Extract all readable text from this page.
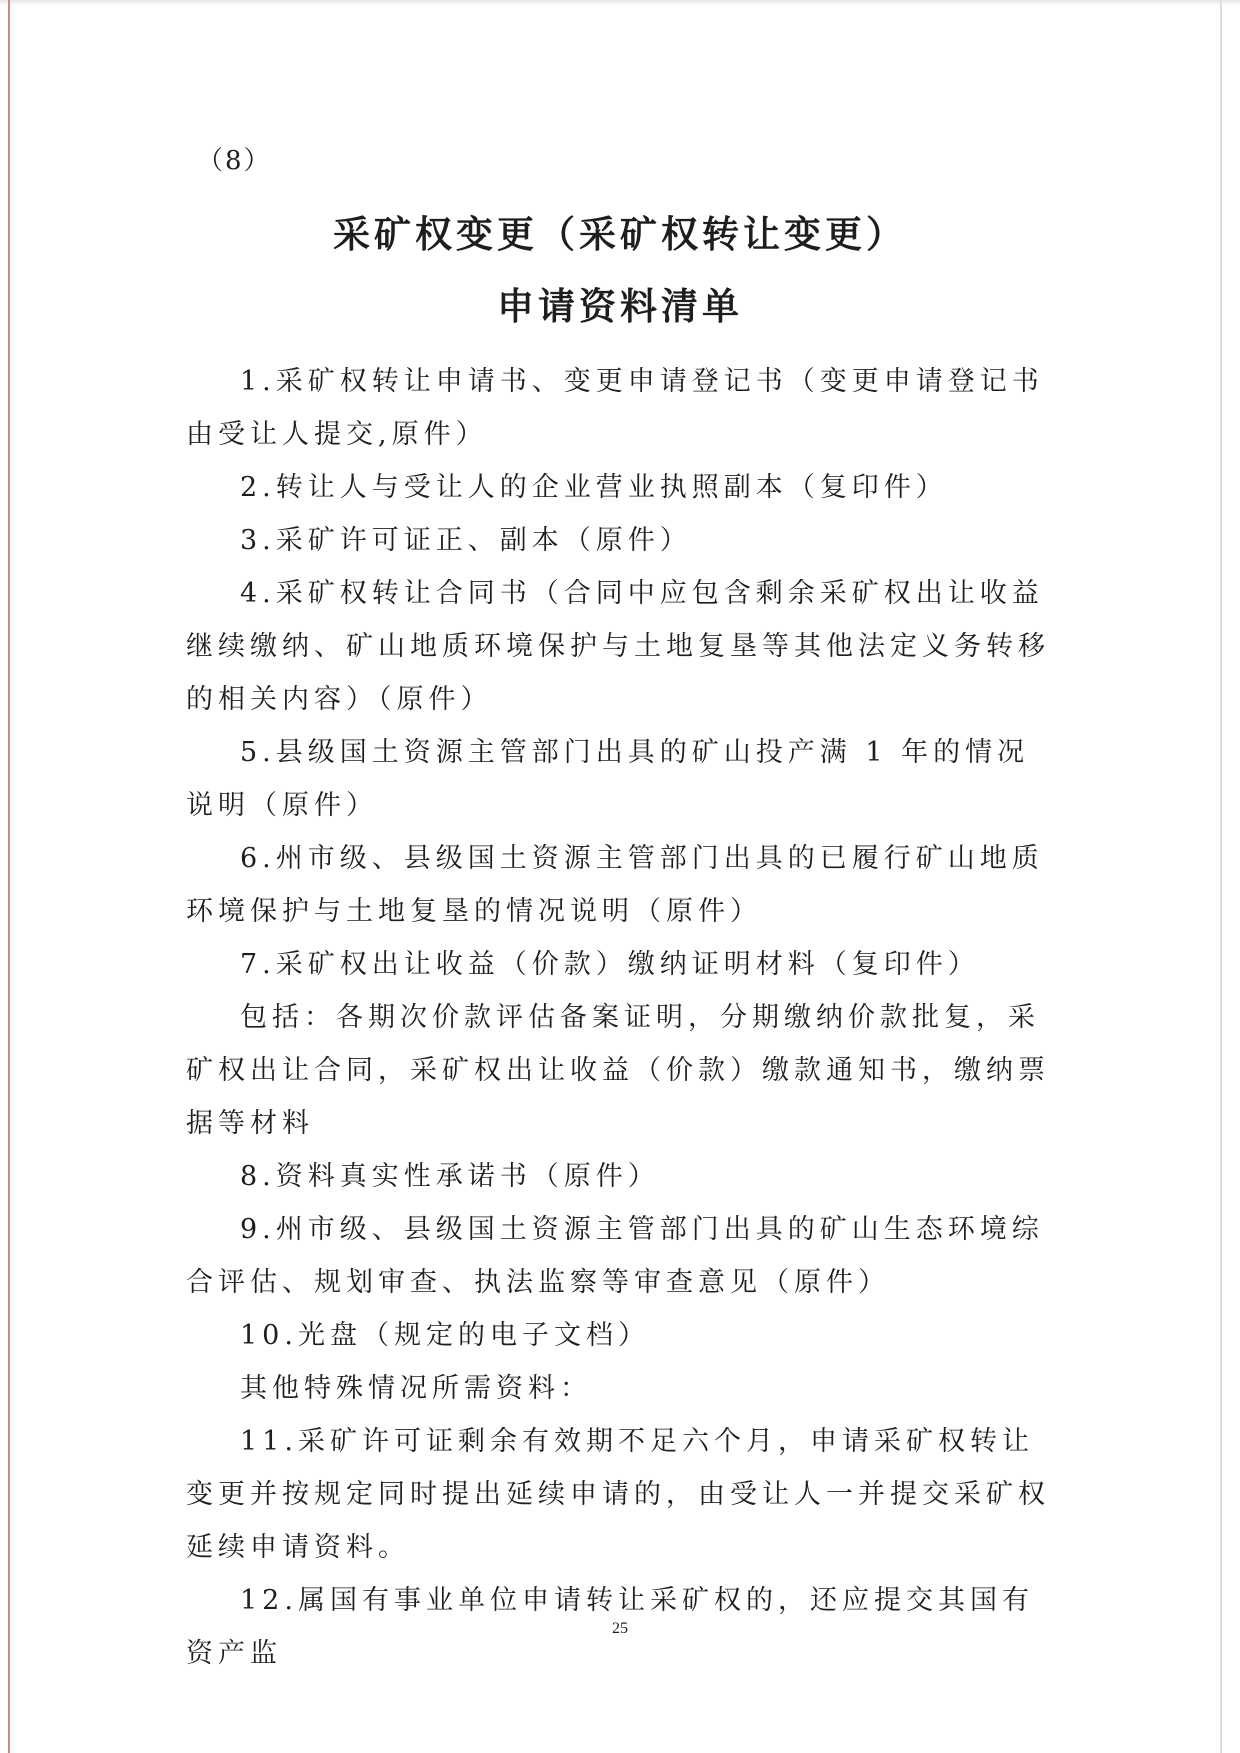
（8）
采矿权变更（采矿权转让变更）
申请资料清单

1.采矿权转让申请书、变更申请登记书（变更申请登记书由受让人提交,原件）

2.转让人与受让人的企业营业执照副本（复印件）

3.采矿许可证正、副本（原件）

4.采矿权转让合同书（合同中应包含剩余采矿权出让收益继续缴纳、矿山地质环境保护与土地复垦等其他法定义务转移的相关内容）（原件）

5.县级国土资源主管部门出具的矿山投产满 1 年的情况说明（原件）

6.州市级、县级国土资源主管部门出具的已履行矿山地质环境保护与土地复垦的情况说明（原件）

7.采矿权出让收益（价款）缴纳证明材料（复印件）

包括：各期次价款评估备案证明，分期缴纳价款批复，采矿权出让合同，采矿权出让收益（价款）缴款通知书，缴纳票据等材料

8.资料真实性承诺书（原件）

9.州市级、县级国土资源主管部门出具的矿山生态环境综合评估、规划审查、执法监察等审查意见（原件）

10.光盘（规定的电子文档）

其他特殊情况所需资料：

11.采矿许可证剩余有效期不足六个月，申请采矿权转让变更并按规定同时提出延续申请的，由受让人一并提交采矿权延续申请资料。

12.属国有事业单位申请转让采矿权的，还应提交其国有资产监

25
